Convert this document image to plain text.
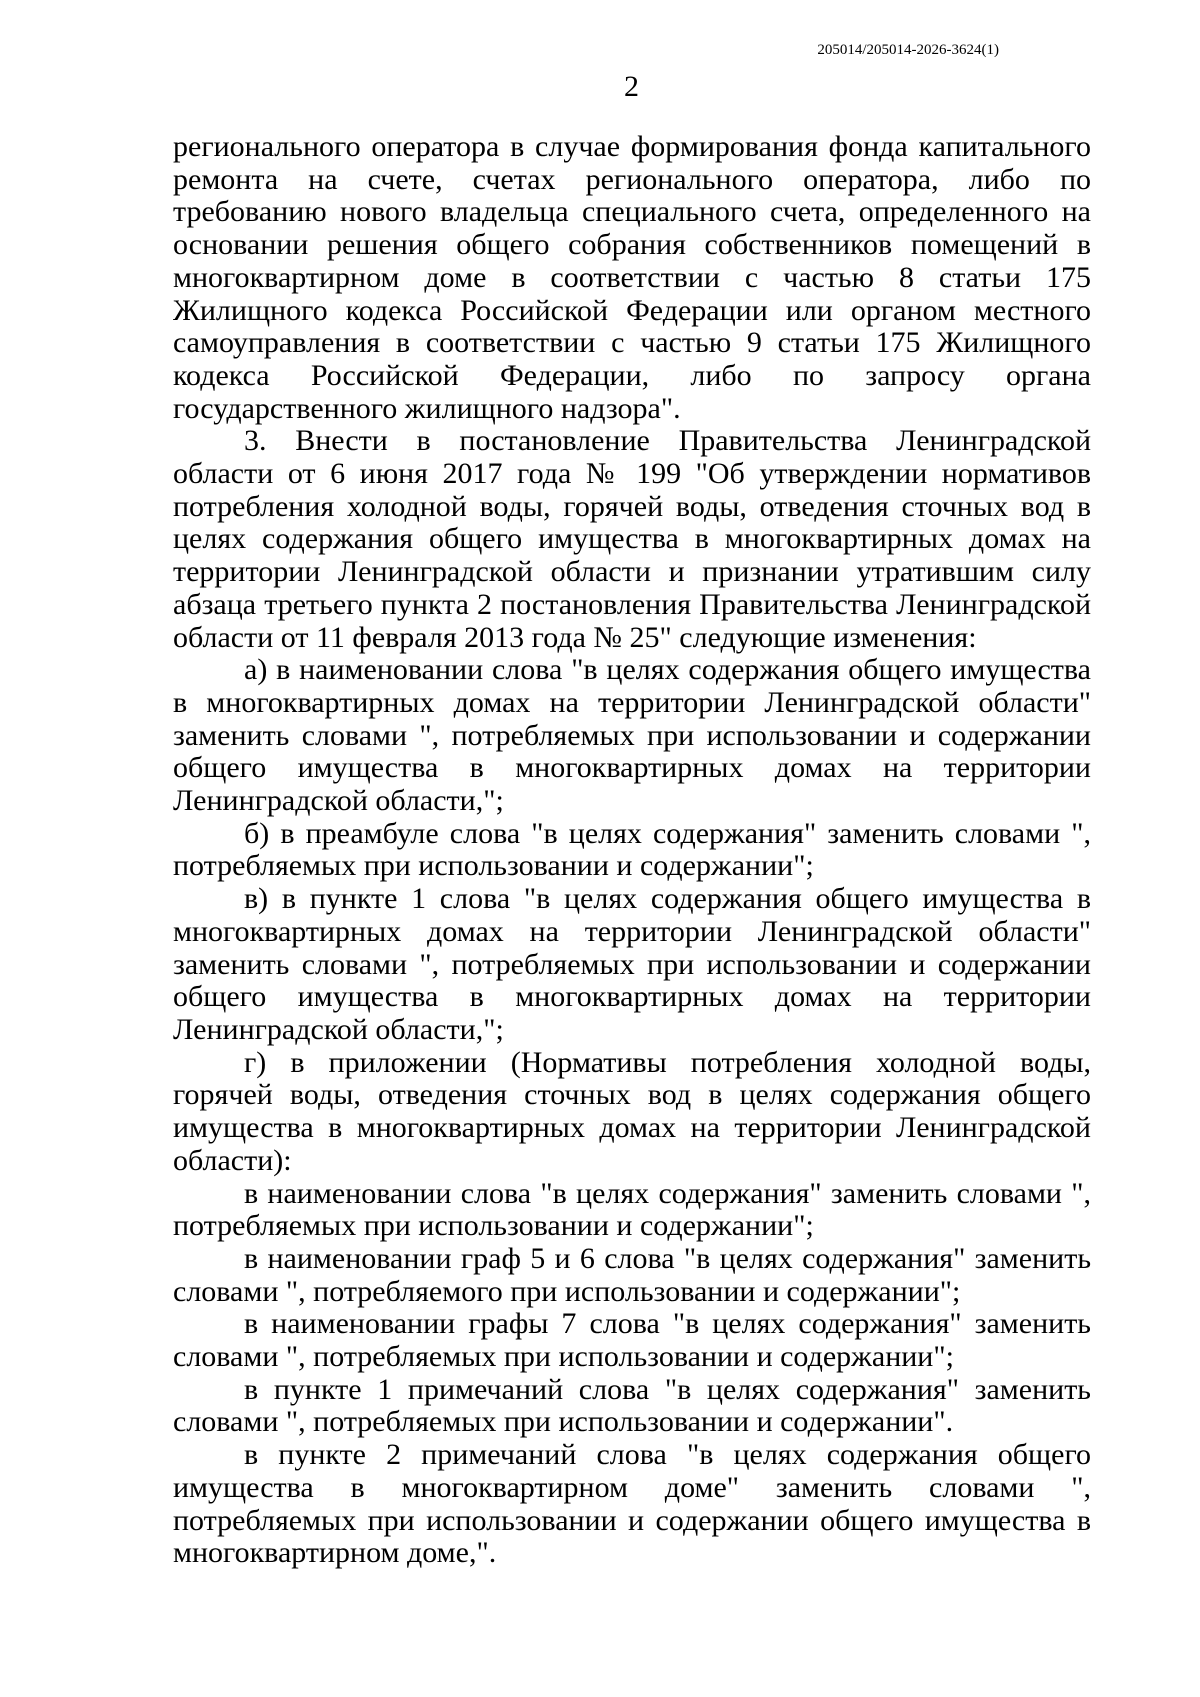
205014/205014-2026-3624(1)
2

регионального оператора в случае формирования фонда капитального ремонта на счете, счетах регионального оператора, либо по требованию нового владельца специального счета, определенного на основании решения общего собрания собственников помещений в многоквартирном доме в соответствии с частью 8 статьи 175 Жилищного кодекса Российской Федерации или органом местного самоуправления в соответствии с частью 9 статьи 175 Жилищного кодекса Российской Федерации, либо по запросу органа государственного жилищного надзора".

3. Внести в постановление Правительства Ленинградской области от 6 июня 2017 года № 199 "Об утверждении нормативов потребления холодной воды, горячей воды, отведения сточных вод в целях содержания общего имущества в многоквартирных домах на территории Ленинградской области и признании утратившим силу абзаца третьего пункта 2 постановления Правительства Ленинградской области от 11 февраля 2013 года № 25" следующие изменения:

а) в наименовании слова "в целях содержания общего имущества в многоквартирных домах на территории Ленинградской области" заменить словами ", потребляемых при использовании и содержании общего имущества в многоквартирных домах на территории Ленинградской области,";

б) в преамбуле слова "в целях содержания" заменить словами ", потребляемых при использовании и содержании";

в) в пункте 1 слова "в целях содержания общего имущества в многоквартирных домах на территории Ленинградской области" заменить словами ", потребляемых при использовании и содержании общего имущества в многоквартирных домах на территории Ленинградской области,";

г) в приложении (Нормативы потребления холодной воды, горячей воды, отведения сточных вод в целях содержания общего имущества в многоквартирных домах на территории Ленинградской области):

в наименовании слова "в целях содержания" заменить словами ", потребляемых при использовании и содержании";

в наименовании граф 5 и 6 слова "в целях содержания" заменить словами ", потребляемого при использовании и содержании";

в наименовании графы 7 слова "в целях содержания" заменить словами ", потребляемых при использовании и содержании";

в пункте 1 примечаний слова "в целях содержания" заменить словами ", потребляемых при использовании и содержании".

в пункте 2 примечаний слова "в целях содержания общего имущества в многоквартирном доме" заменить словами ", потребляемых при использовании и содержании общего имущества в многоквартирном доме,".
